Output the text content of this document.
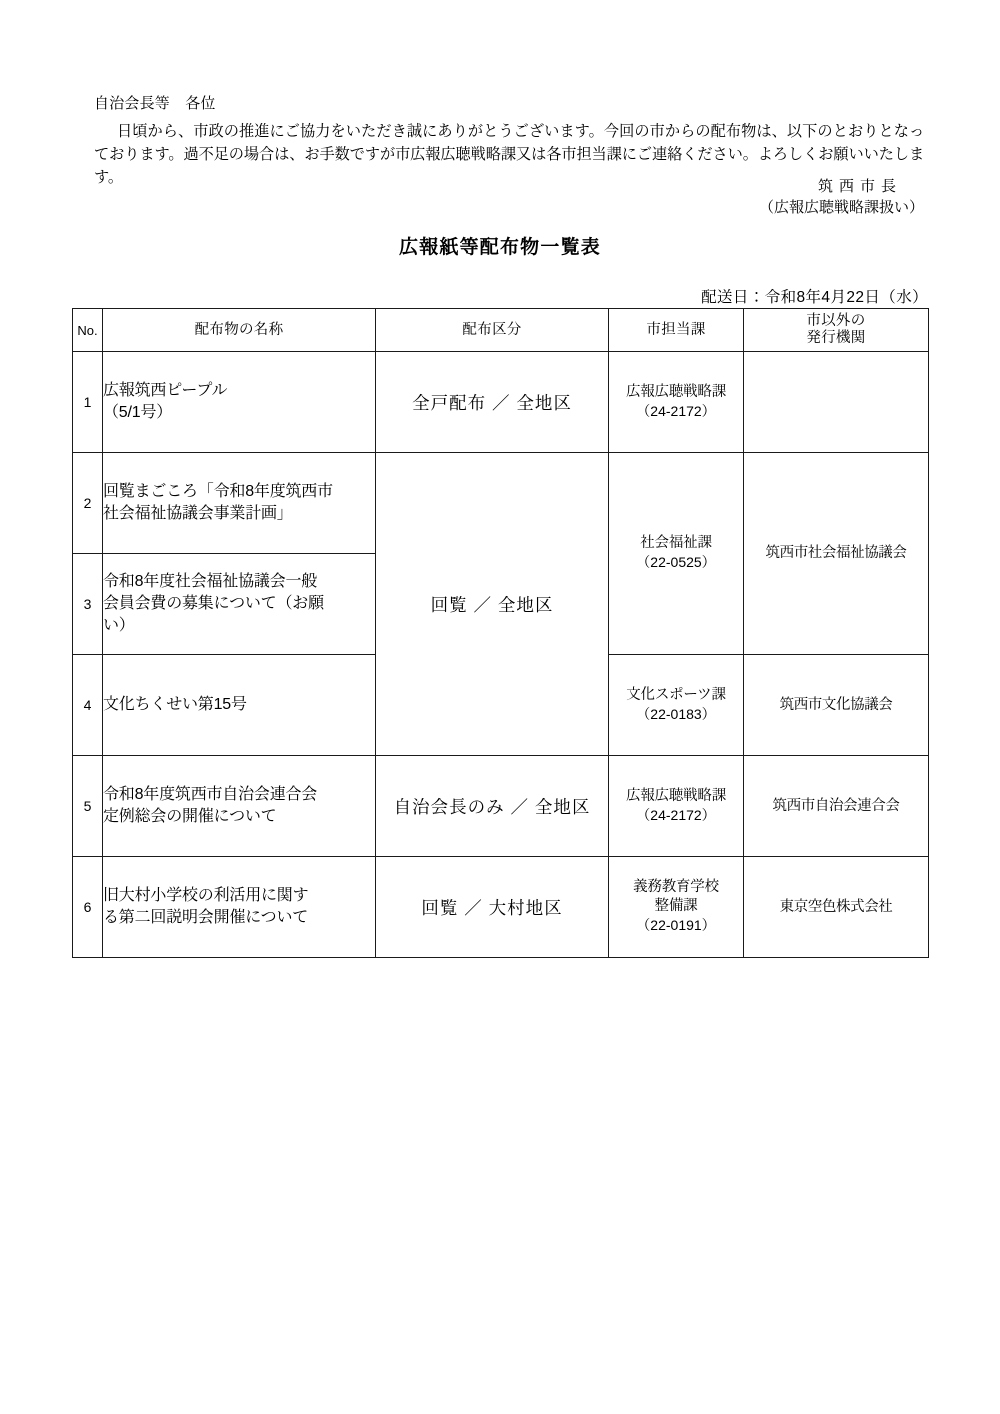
自治会長等　各位
日頃から、市政の推進にご協力をいただき誠にありがとうございます。今回の市からの配布物は、以下のとおりとなっております。過不足の場合は、お手数ですが市広報広聴戦略課又は各市担当課にご連絡ください。よろしくお願いいたします。
筑西市長
（広報広聴戦略課扱い）
広報紙等配布物一覧表
配送日：令和8年4月22日（水）
No.	配布物の名称	配布区分	市担当課	市以外の
発行機関
1	広報筑西ピープル
（5/1号）	全戸配布 ／ 全地区	広報広聴戦略課
（24-2172）	
2	回覧まごころ「令和8年度筑西市
社会福祉協議会事業計画」	回覧 ／ 全地区	社会福祉課
（22-0525）	筑西市社会福祉協議会
3	令和8年度社会福祉協議会一般
会員会費の募集について（お願
い）			
4	文化ちくせい第15号		文化スポーツ課
（22-0183）	筑西市文化協議会
5	令和8年度筑西市自治会連合会
定例総会の開催について	自治会長のみ ／ 全地区	広報広聴戦略課
（24-2172）	筑西市自治会連合会
6	旧大村小学校の利活用に関す
る第二回説明会開催について	回覧 ／ 大村地区	義務教育学校
整備課
（22-0191）	東京空色株式会社
